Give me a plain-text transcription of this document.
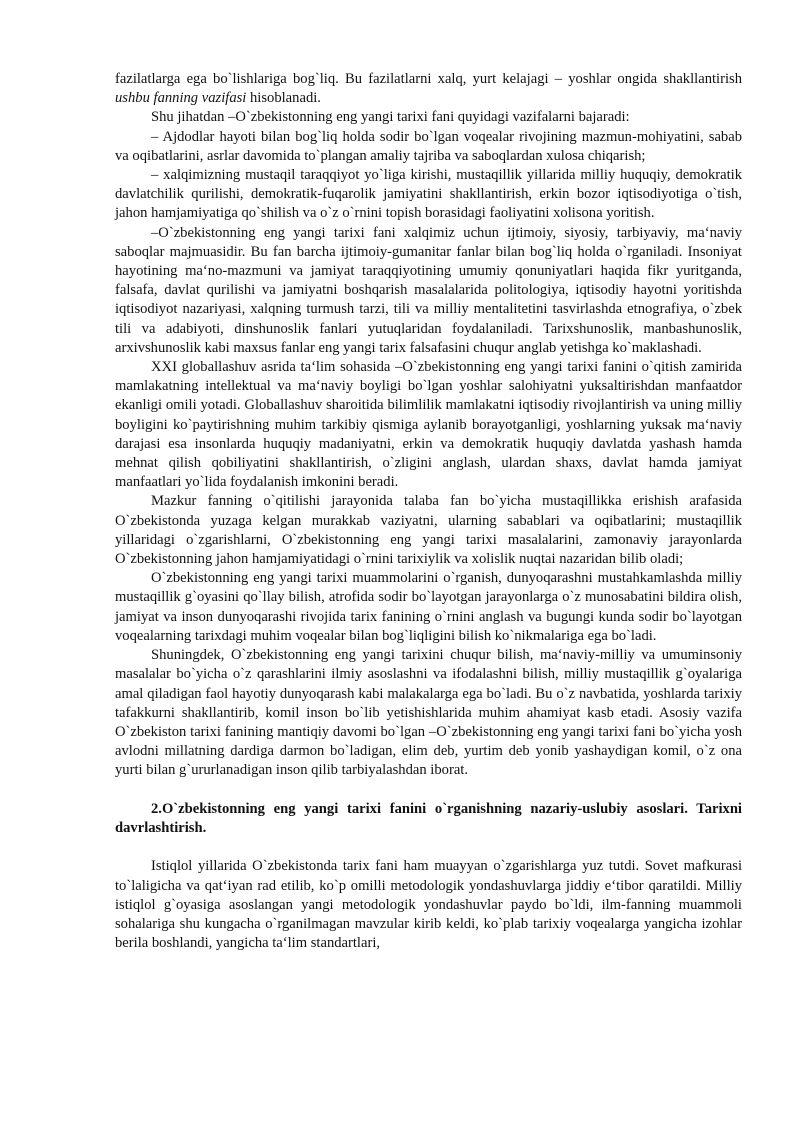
fazilatlarga ega bo`lishlariga bog`liq. Bu fazilatlarni xalq, yurt kelajagi – yoshlar ongida shakllantirish ushbu fanning vazifasi hisoblanadi.

Shu jihatdan –O`zbekistonning eng yangi tarixi fani quyidagi vazifalarni bajaradi:

– Ajdodlar hayoti bilan bog`liq holda sodir bo`lgan voqealar rivojining mazmun-mohiyatini, sabab va oqibatlarini, asrlar davomida to`plangan amaliy tajriba va saboqlardan xulosa chiqarish;

– xalqimizning mustaqil taraqqiyot yo`liga kirishi, mustaqillik yillarida milliy huquqiy, demokratik davlatchilik qurilishi, demokratik-fuqarolik jamiyatini shakllantirish, erkin bozor iqtisodiyotiga o`tish, jahon hamjamiyatiga qo`shilish va o`z o`rnini topish borasidagi faoliyatini xolisona yoritish.

–O`zbekistonning eng yangi tarixi fani xalqimiz uchun ijtimoiy, siyosiy, tarbiyaviy, ma‘naviy saboqlar majmuasidir. Bu fan barcha ijtimoiy-gumanitar fanlar bilan bog`liq holda o`rganiladi. Insoniyat hayotining ma‘no-mazmuni va jamiyat taraqqiyotining umumiy qonuniyatlari haqida fikr yuritganda, falsafa, davlat qurilishi va jamiyatni boshqarish masalalarida politologiya, iqtisodiy hayotni yoritishda iqtisodiyot nazariyasi, xalqning turmush tarzi, tili va milliy mentalitetini tasvirlashda etnografiya, o`zbek tili va adabiyoti, dinshunoslik fanlari yutuqlaridan foydalaniladi. Tarixshunoslik, manbashunoslik, arxivshunoslik kabi maxsus fanlar eng yangi tarix falsafasini chuqur anglab yetishga ko`maklashadi.

XXI globallashuv asrida ta‘lim sohasida –O`zbekistonning eng yangi tarixi fanini o`qitish zamirida mamlakatning intellektual va ma‘naviy boyligi bo`lgan yoshlar salohiyatni yuksaltirishdan manfaatdor ekanligi omili yotadi. Globallashuv sharoitida bilimlilik mamlakatni iqtisodiy rivojlantirish va uning milliy boyligini ko`paytirishning muhim tarkibiy qismiga aylanib borayotganligi, yoshlarning yuksak ma‘naviy darajasi esa insonlarda huquqiy madaniyatni, erkin va demokratik huquqiy davlatda yashash hamda mehnat qilish qobiliyatini shakllantirish, o`zligini anglash, ulardan shaxs, davlat hamda jamiyat manfaatlari yo`lida foydalanish imkonini beradi.

Mazkur fanning o`qitilishi jarayonida talaba fan bo`yicha mustaqillikka erishish arafasida O`zbekistonda yuzaga kelgan murakkab vaziyatni, ularning sabablari va oqibatlarini; mustaqillik yillaridagi o`zgarishlarni, O`zbekistonning eng yangi tarixi masalalarini, zamonaviy jarayonlarda O`zbekistonning jahon hamjamiyatidagi o`rnini tarixiylik va xolislik nuqtai nazaridan bilib oladi;

O`zbekistonning eng yangi tarixi muammolarini o`rganish, dunyoqarashni mustahkamlashda milliy mustaqillik g`oyasini qo`llay bilish, atrofida sodir bo`layotgan jarayonlarga o`z munosabatini bildira olish, jamiyat va inson dunyoqarashi rivojida tarix fanining o`rnini anglash va bugungi kunda sodir bo`layotgan voqealarning tarixdagi muhim voqealar bilan bog`liqligini bilish ko`nikmalariga ega bo`ladi.

Shuningdek, O`zbekistonning eng yangi tarixini chuqur bilish, ma‘naviy-milliy va umuminsoniy masalalar bo`yicha o`z qarashlarini ilmiy asoslashni va ifodalashni bilish, milliy mustaqillik g`oyalariga amal qiladigan faol hayotiy dunyoqarash kabi malakalarga ega bo`ladi. Bu o`z navbatida, yoshlarda tarixiy tafakkurni shakllantirib, komil inson bo`lib yetishishlarida muhim ahamiyat kasb etadi. Asosiy vazifa O`zbekiston tarixi fanining mantiqiy davomi bo`lgan –O`zbekistonning eng yangi tarixi fani bo`yicha yosh avlodni millatning dardiga darmon bo`ladigan, elim deb, yurtim deb yonib yashaydigan komil, o`z ona yurti bilan g`ururlanadigan inson qilib tarbiyalashdan iborat.

2.O`zbekistonning eng yangi tarixi fanini o`rganishning nazariy-uslubiy asoslari. Tarixni davrlashtirish.

Istiqlol yillarida O`zbekistonda tarix fani ham muayyan o`zgarishlarga yuz tutdi. Sovet mafkurasi to`laligicha va qat‘iyan rad etilib, ko`p omilli metodologik yondashuvlarga jiddiy e‘tibor qaratildi. Milliy istiqlol g`oyasiga asoslangan yangi metodologik yondashuvlar paydo bo`ldi, ilm-fanning muammoli sohalariga shu kungacha o`rganilmagan mavzular kirib keldi, ko`plab tarixiy voqealarga yangicha izohlar berila boshlandi, yangicha ta‘lim standartlari,
